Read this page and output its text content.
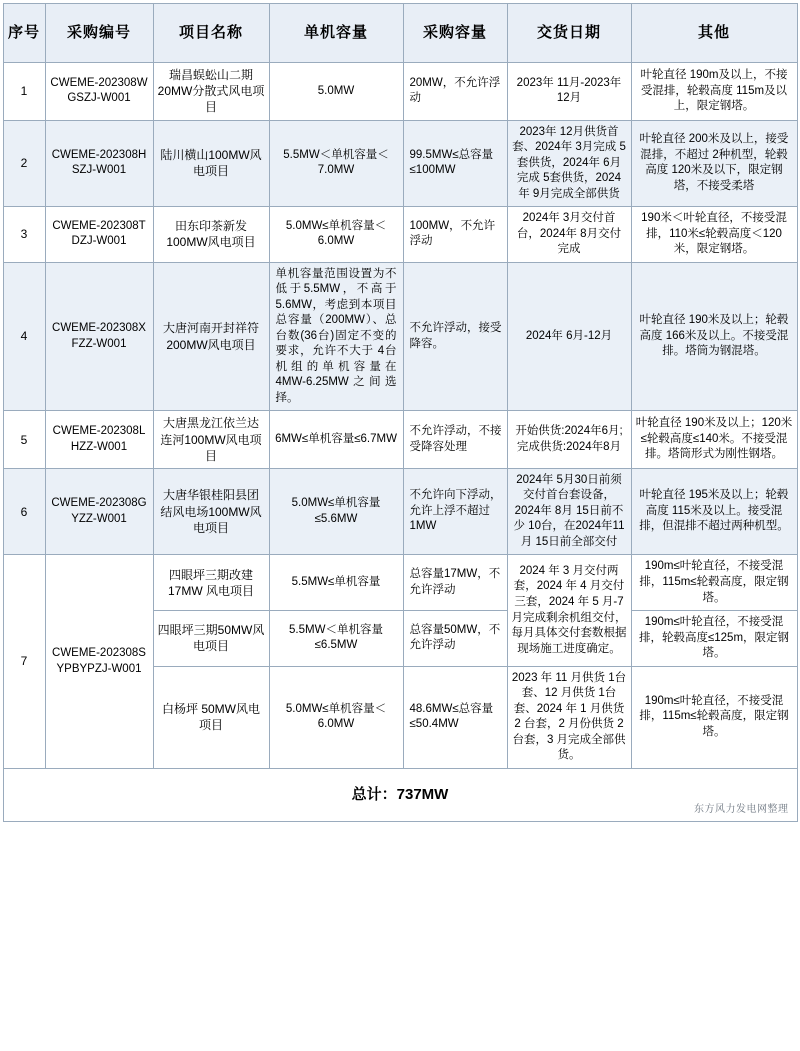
序号	采购编号	项目名称	单机容量	采购容量	交货日期	其他
1	CWEME-202308WGSZJ-W001	瑞昌蜈蚣山二期20MW分散式风电项目	5.0MW	20MW，不允许浮动	2023年 11月-2023年12月	叶轮直径 190m及以上，不接受混排，轮毂高度 115m及以上，限定钢塔。
2	CWEME-202308HSZJ-W001	陆川横山100MW风电项目	5.5MW＜单机容量＜7.0MW	99.5MW≤总容量≤100MW	2023年 12月供货首套、2024年 3月完成 5套供货，2024年 6月完成 5套供货，2024年 9月完成全部供货	叶轮直径 200米及以上，接受混排，不超过 2种机型，轮毂高度 120米及以下，限定钢塔，不接受柔塔
3	CWEME-202308TDZJ-W001	田东印茶新发100MW风电项目	5.0MW≤单机容量＜6.0MW	100MW，不允许浮动	2024年 3月交付首台，2024年 8月交付完成	190米＜叶轮直径，不接受混排，110米≤轮毂高度＜120米，限定钢塔。
4	CWEME-202308XFZZ-W001	大唐河南开封祥符200MW风电项目	单机容量范围设置为不低于5.5MW，不高于5.6MW，考虑到本项目总容量（200MW）、总台数(36台)固定不变的要求，允许不大于 4台机组的单机容量在4MW-6.25MW之间选择。	不允许浮动，接受降容。	2024年 6月-12月	叶轮直径 190米及以上；轮毂高度 166米及以上。不接受混排。塔筒为钢混塔。
5	CWEME-202308LHZZ-W001	大唐黑龙江依兰达连河100MW风电项目	6MW≤单机容量≤6.7MW	不允许浮动，不接受降容处理	开始供货:2024年6月;完成供货:2024年8月	叶轮直径 190米及以上；120米≤轮毂高度≤140米。不接受混排。塔筒形式为刚性钢塔。
6	CWEME-202308GYZZ-W001	大唐华银桂阳县团结风电场100MW风电项目	5.0MW≤单机容量≤5.6MW	不允许向下浮动，允许上浮不超过1MW	2024年 5月30日前须交付首台套设备，2024年 8月 15日前不少 10台，在2024年11月 15日前全部交付	叶轮直径 195米及以上；轮毂高度 115米及以上。接受混排，但混排不超过两种机型。
7	CWEME-202308SYPBYPZJ-W001	四眼坪三期改建17MW 风电项目	5.5MW≤单机容量	总容量17MW，不允许浮动	2024 年 3 月交付两套，2024 年 4 月交付三套，2024 年 5 月-7 月完成剩余机组交付，每月具体交付套数根据现场施工进度确定。	190m≤叶轮直径，不接受混排，115m≤轮毂高度，限定钢塔。
		四眼坪三期50MW风电项目	5.5MW＜单机容量≤6.5MW	总容量50MW，不允许浮动		190m≤叶轮直径，不接受混排，轮毂高度≤125m，限定钢塔。
		白杨坪 50MW风电项目	5.0MW≤单机容量＜6.0MW	48.6MW≤总容量≤50.4MW	2023 年 11 月供货 1台套、12 月供货 1台套、2024 年 1 月供货 2 台套，2 月份供货 2 台套，3 月完成全部供货。	190m≤叶轮直径，不接受混排，115m≤轮毂高度，限定钢塔。
总计：737MW
东方风力发电网整理						
